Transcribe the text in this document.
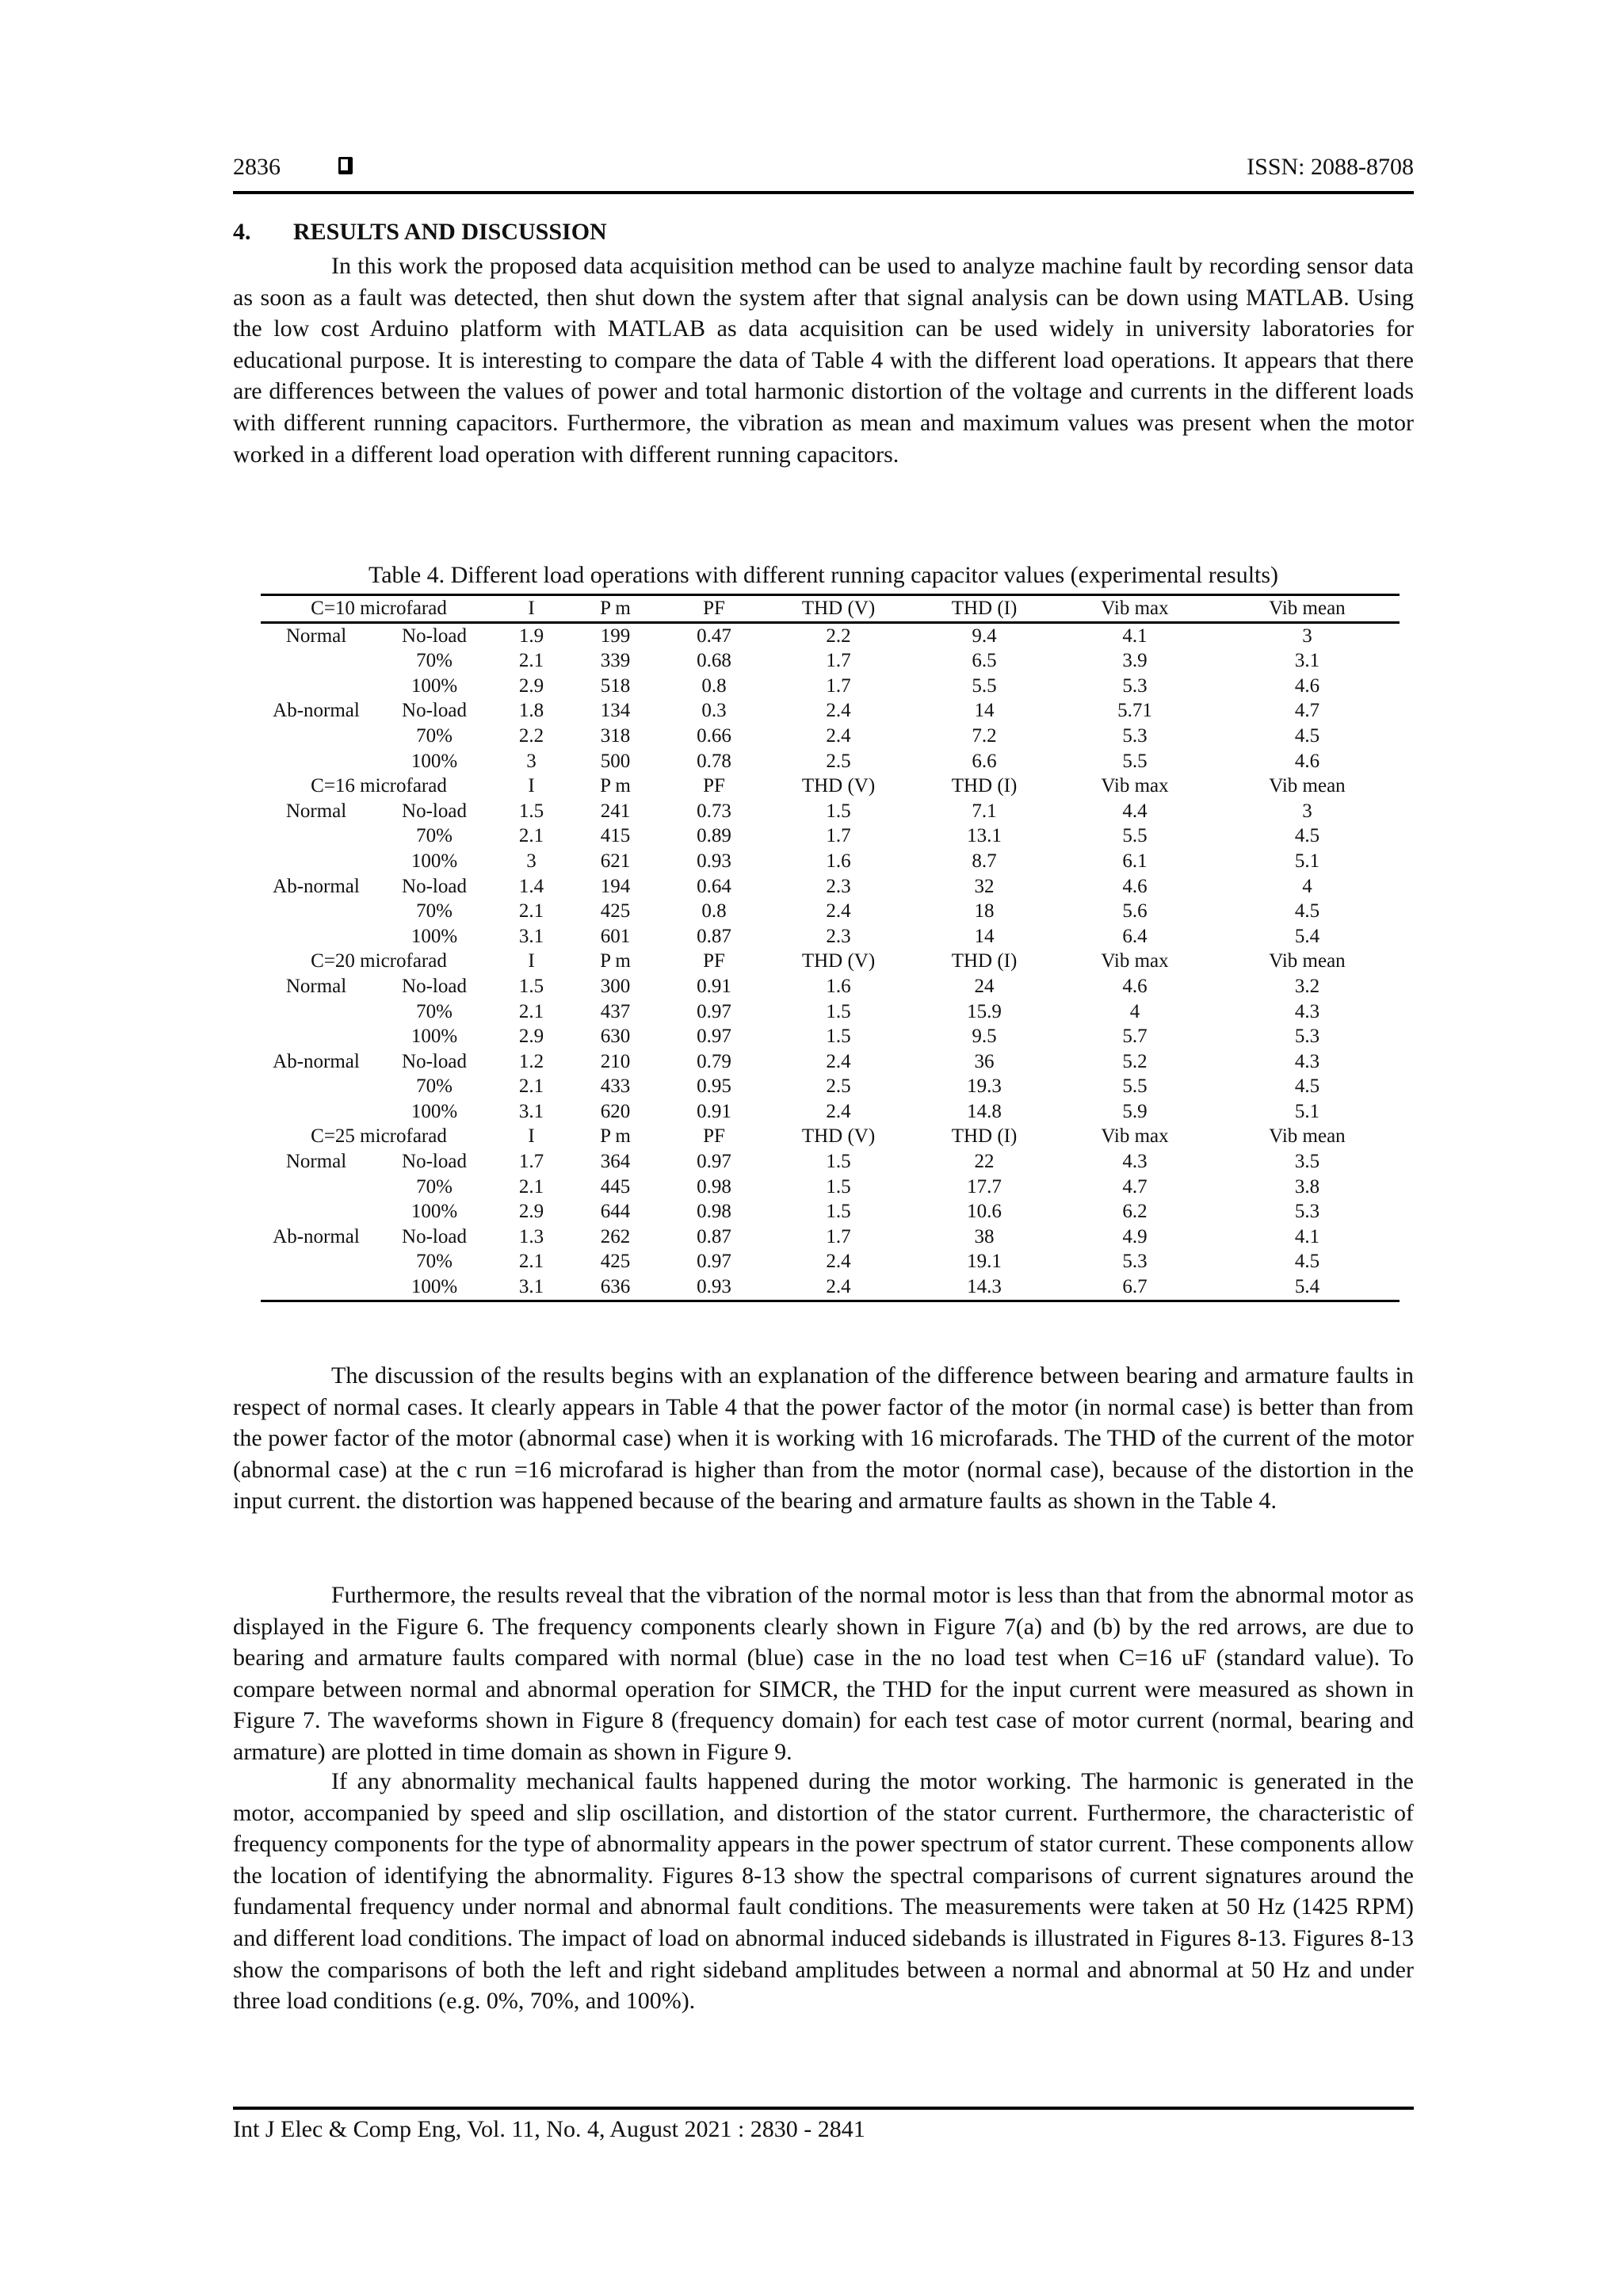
2836	ISSN: 2088-8708
4. RESULTS AND DISCUSSION

In this work the proposed data acquisition method can be used to analyze machine fault by recording sensor data as soon as a fault was detected, then shut down the system after that signal analysis can be down using MATLAB. Using the low cost Arduino platform with MATLAB as data acquisition can be used widely in university laboratories for educational purpose. It is interesting to compare the data of Table 4 with the different load operations. It appears that there are differences between the values of power and total harmonic distortion of the voltage and currents in the different loads with different running capacitors. Furthermore, the vibration as mean and maximum values was present when the motor worked in a different load operation with different running capacitors.

Table 4. Different load operations with different running capacitor values (experimental results)
C=10 microfarad		I	P m	PF	THD (V)	THD (I)	Vib max	Vib mean
Normal	No-load	1.9	199	0.47	2.2	9.4	4.1	3
	70%	2.1	339	0.68	1.7	6.5	3.9	3.1
	100%	2.9	518	0.8	1.7	5.5	5.3	4.6
Ab-normal	No-load	1.8	134	0.3	2.4	14	5.71	4.7
	70%	2.2	318	0.66	2.4	7.2	5.3	4.5
	100%	3	500	0.78	2.5	6.6	5.5	4.6
C=16 microfarad		I	P m	PF	THD (V)	THD (I)	Vib max	Vib mean
Normal	No-load	1.5	241	0.73	1.5	7.1	4.4	3
	70%	2.1	415	0.89	1.7	13.1	5.5	4.5
	100%	3	621	0.93	1.6	8.7	6.1	5.1
Ab-normal	No-load	1.4	194	0.64	2.3	32	4.6	4
	70%	2.1	425	0.8	2.4	18	5.6	4.5
	100%	3.1	601	0.87	2.3	14	6.4	5.4
C=20 microfarad		I	P m	PF	THD (V)	THD (I)	Vib max	Vib mean
Normal	No-load	1.5	300	0.91	1.6	24	4.6	3.2
	70%	2.1	437	0.97	1.5	15.9	4	4.3
	100%	2.9	630	0.97	1.5	9.5	5.7	5.3
Ab-normal	No-load	1.2	210	0.79	2.4	36	5.2	4.3
	70%	2.1	433	0.95	2.5	19.3	5.5	4.5
	100%	3.1	620	0.91	2.4	14.8	5.9	5.1
C=25 microfarad		I	P m	PF	THD (V)	THD (I)	Vib max	Vib mean
Normal	No-load	1.7	364	0.97	1.5	22	4.3	3.5
	70%	2.1	445	0.98	1.5	17.7	4.7	3.8
	100%	2.9	644	0.98	1.5	10.6	6.2	5.3
Ab-normal	No-load	1.3	262	0.87	1.7	38	4.9	4.1
	70%	2.1	425	0.97	2.4	19.1	5.3	4.5
	100%	3.1	636	0.93	2.4	14.3	6.7	5.4

The discussion of the results begins with an explanation of the difference between bearing and armature faults in respect of normal cases. It clearly appears in Table 4 that the power factor of the motor (in normal case) is better than from the power factor of the motor (abnormal case) when it is working with 16 microfarads. The THD of the current of the motor (abnormal case) at the c run =16 microfarad is higher than from the motor (normal case), because of the distortion in the input current. the distortion was happened because of the bearing and armature faults as shown in the Table 4.

Furthermore, the results reveal that the vibration of the normal motor is less than that from the abnormal motor as displayed in the Figure 6. The frequency components clearly shown in Figure 7(a) and (b) by the red arrows, are due to bearing and armature faults compared with normal (blue) case in the no load test when C=16 uF (standard value). To compare between normal and abnormal operation for SIMCR, the THD for the input current were measured as shown in Figure 7. The waveforms shown in Figure 8 (frequency domain) for each test case of motor current (normal, bearing and armature) are plotted in time domain as shown in Figure 9.

If any abnormality mechanical faults happened during the motor working. The harmonic is generated in the motor, accompanied by speed and slip oscillation, and distortion of the stator current. Furthermore, the characteristic of frequency components for the type of abnormality appears in the power spectrum of stator current. These components allow the location of identifying the abnormality. Figures 8-13 show the spectral comparisons of current signatures around the fundamental frequency under normal and abnormal fault conditions. The measurements were taken at 50 Hz (1425 RPM) and different load conditions. The impact of load on abnormal induced sidebands is illustrated in Figures 8-13. Figures 8-13 show the comparisons of both the left and right sideband amplitudes between a normal and abnormal at 50 Hz and under three load conditions (e.g. 0%, 70%, and 100%).

Int J Elec & Comp Eng, Vol. 11, No. 4, August 2021 : 2830 - 2841
